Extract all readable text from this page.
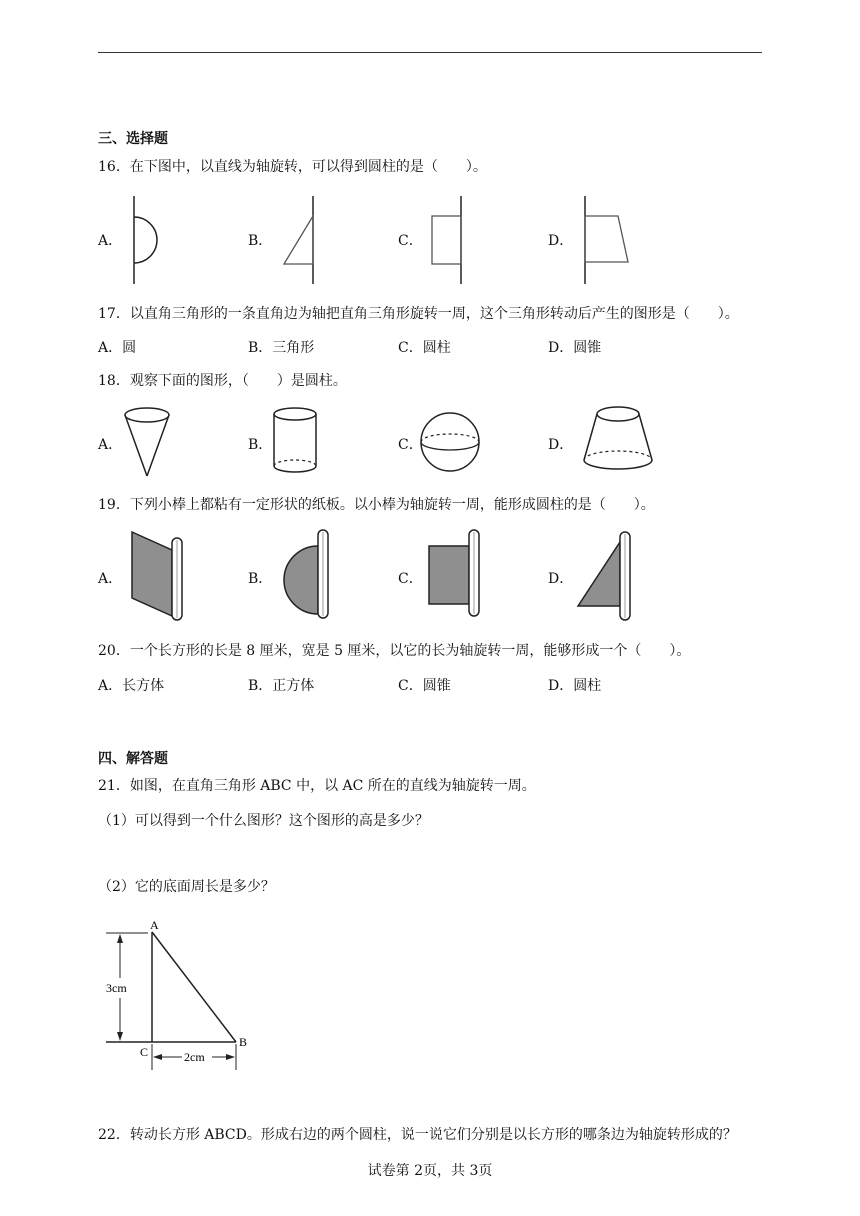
三、选择题
16．在下图中，以直线为轴旋转，可以得到圆柱的是（　　）。
A．	B．	C．	D．
17．以直角三角形的一条直角边为轴把直角三角形旋转一周，这个三角形转动后产生的图形是（　　）。
A．圆	B．三角形	C．圆柱	D．圆锥
18．观察下面的图形，（　　）是圆柱。
A．	B．	C．	D．
19．下列小棒上都粘有一定形状的纸板。以小棒为轴旋转一周，能形成圆柱的是（　　）。
A．	B．	C．	D．
20．一个长方形的长是 8 厘米，宽是 5 厘米，以它的长为轴旋转一周，能够形成一个（　　）。
A．长方体	B．正方体	C．圆锥	D．圆柱
四、解答题
21．如图，在直角三角形 ABC 中，以 AC 所在的直线为轴旋转一周。
（1）可以得到一个什么图形？这个图形的高是多少？
（2）它的底面周长是多少？
A
B
C
3cm
2cm
22．转动长方形 ABCD。形成右边的两个圆柱，说一说它们分别是以长方形的哪条边为轴旋转形成的？
试卷第 2页，共 3页
